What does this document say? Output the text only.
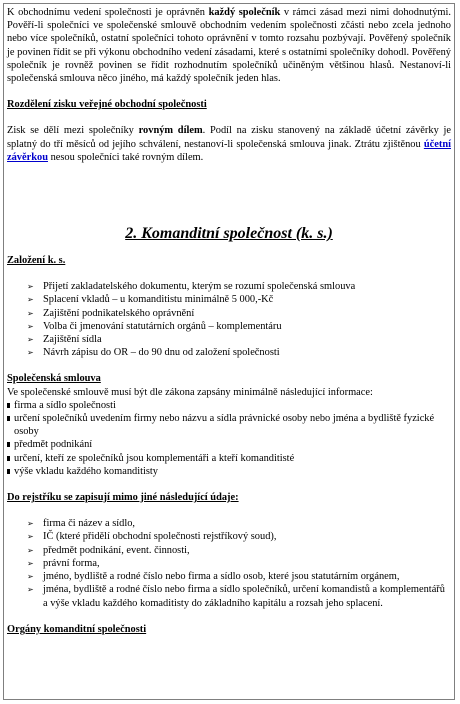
K obchodnímu vedení společnosti je oprávněn každý společník v rámci zásad mezi nimi dohodnutými. Pověří-li společníci ve společenské smlouvě obchodním vedením společnosti zčásti nebo zcela jednoho nebo více společníků, ostatní společníci tohoto oprávnění v tomto rozsahu pozbývají. Pověřený společník je povinen řídit se při výkonu obchodního vedení zásadami, které s ostatními společníky dohodl. Pověřený společník je rovněž povinen se řídit rozhodnutím společníků učiněným většinou hlasů. Nestanoví-li společenská smlouva něco jiného, má každý společník jeden hlas.

Rozdělení zisku veřejné obchodní společnosti

Zisk se dělí mezi společníky rovným dílem. Podíl na zisku stanovený na základě účetní závěrky je splatný do tří měsíců od jejího schválení, nestanoví-li společenská smlouva jinak. Ztrátu zjištěnou účetní závěrkou nesou společníci také rovným dílem.

2. Komanditní společnost (k. s.)

Založení k. s.

➢ Přijetí zakladatelského dokumentu, kterým se rozumí společenská smlouva
➢ Splacení vkladů – u komanditistu minimálně 5 000,-Kč
➢ Zajištění podnikatelského oprávnění
➢ Volba či jmenování statutárních orgánů – komplementáru
➢ Zajištění sídla
➢ Návrh zápisu do OR – do 90 dnu od založení společnosti

Společenská smlouva

Ve společenské smlouvě musí být dle zákona zapsány minimálně následující informace:

firma a sídlo společnosti
určení společníků uvedením firmy nebo názvu a sídla právnické osoby nebo jména a bydliště fyzické osoby
předmět podnikání
určení, kteří ze společníků jsou komplementáři a kteří komanditisté
výše vkladu každého komanditisty

Do rejstříku se zapisují mimo jiné následující údaje:

➢ firma či název a sídlo,
➢ IČ (které přidělí obchodní společnosti rejstříkový soud),
➢ předmět podnikání, event. činnosti,
➢ právní forma,
➢ jméno, bydliště a rodné číslo nebo firma a sídlo osob, které jsou statutárním orgánem,
➢ jména, bydliště a rodné číslo nebo firma a sídlo společníků, určení komandistů a komplementářů a výše vkladu každého komaditisty do základního kapitálu a rozsah jeho splacení.

Orgány komanditní společnosti
